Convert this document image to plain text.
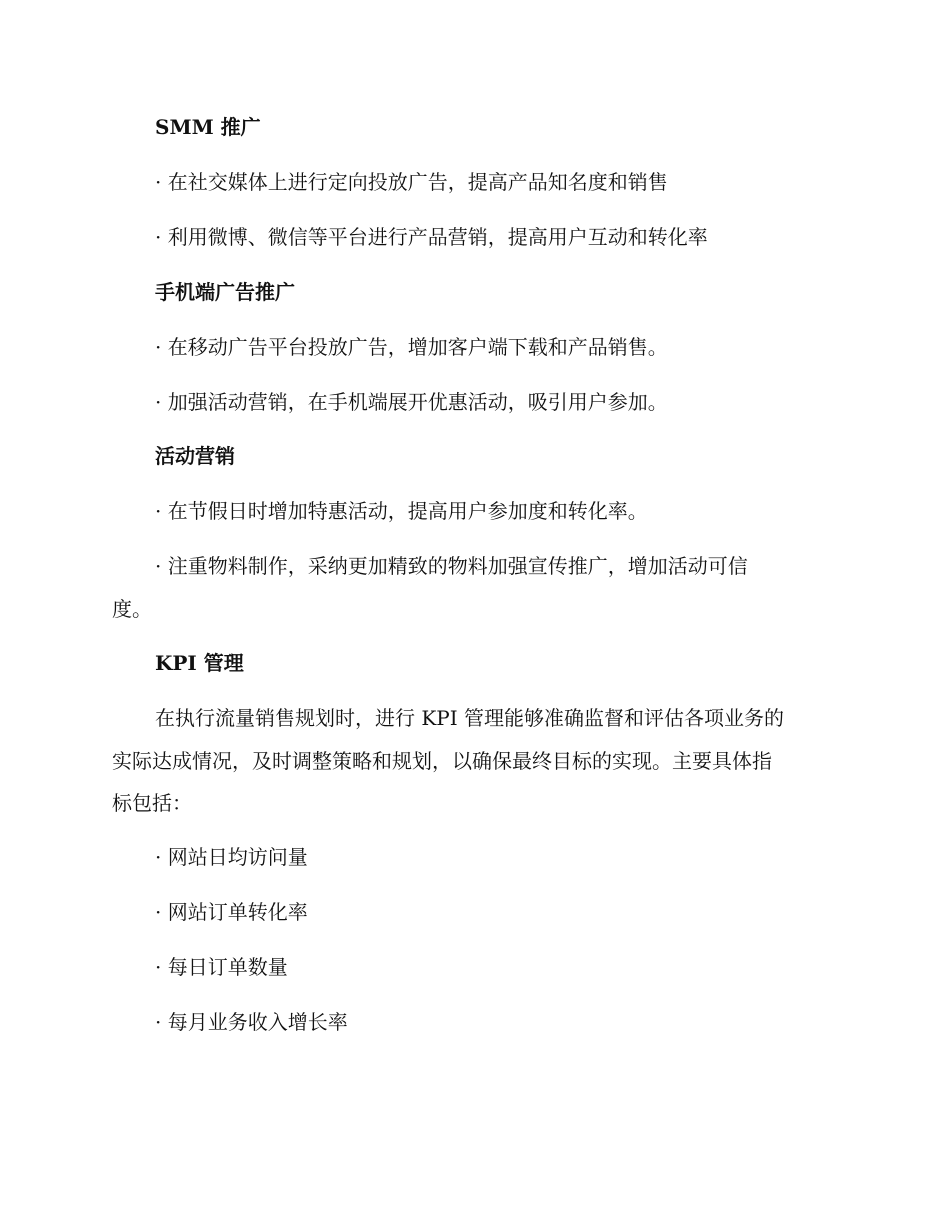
SMM 推广
· 在社交媒体上进行定向投放广告，提高产品知名度和销售
· 利用微博、微信等平台进行产品营销，提高用户互动和转化率
手机端广告推广
· 在移动广告平台投放广告，增加客户端下载和产品销售。
· 加强活动营销，在手机端展开优惠活动，吸引用户参加。
活动营销
· 在节假日时增加特惠活动，提高用户参加度和转化率。
· 注重物料制作，采纳更加精致的物料加强宣传推广，增加活动可信
度。
KPI 管理
在执行流量销售规划时，进行 KPI 管理能够准确监督和评估各项业务的
实际达成情况，及时调整策略和规划，以确保最终目标的实现。主要具体指
标包括：
· 网站日均访问量
· 网站订单转化率
· 每日订单数量
· 每月业务收入增长率
